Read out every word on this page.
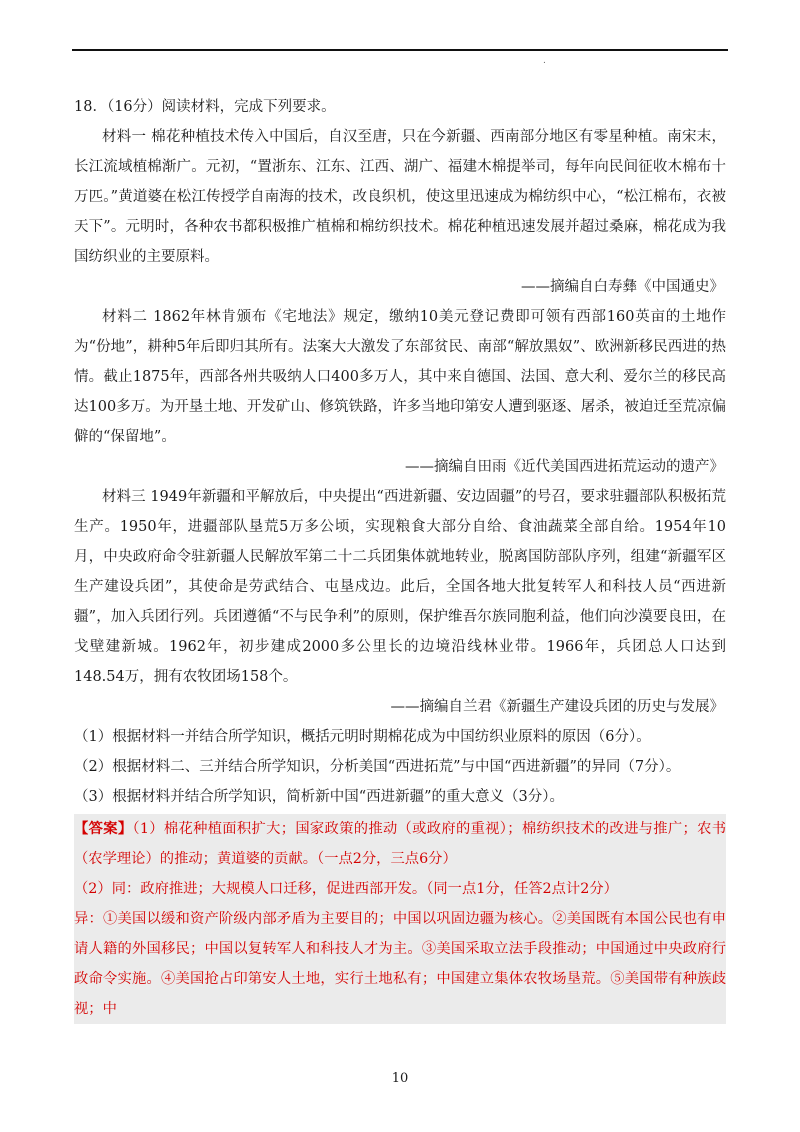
.

18．（16分）阅读材料，完成下列要求。

材料一 棉花种植技术传入中国后，自汉至唐，只在今新疆、西南部分地区有零星种植。南宋末，长江流域植棉渐广。元初，“置浙东、江东、江西、湖广、福建木棉提举司，每年向民间征收木棉布十万匹。”黄道婆在松江传授学自南海的技术，改良织机，使这里迅速成为棉纺织中心，“松江棉布，衣被天下”。元明时，各种农书都积极推广植棉和棉纺织技术。棉花种植迅速发展并超过桑麻，棉花成为我国纺织业的主要原料。

——摘编自白寿彝《中国通史》

材料二 1862年林肯颁布《宅地法》规定，缴纳10美元登记费即可领有西部160英亩的土地作为“份地”，耕种5年后即归其所有。法案大大激发了东部贫民、南部“解放黑奴”、欧洲新移民西进的热情。截止1875年，西部各州共吸纳人口400多万人，其中来自德国、法国、意大利、爱尔兰的移民高达100多万。为开垦土地、开发矿山、修筑铁路，许多当地印第安人遭到驱逐、屠杀，被迫迁至荒凉偏僻的“保留地”。

——摘编自田雨《近代美国西进拓荒运动的遗产》

材料三 1949年新疆和平解放后，中央提出“西进新疆、安边固疆”的号召，要求驻疆部队积极拓荒生产。1950年，进疆部队垦荒5万多公顷，实现粮食大部分自给、食油蔬菜全部自给。1954年10月，中央政府命令驻新疆人民解放军第二十二兵团集体就地转业，脱离国防部队序列，组建“新疆军区生产建设兵团”，其使命是劳武结合、屯垦戍边。此后，全国各地大批复转军人和科技人员“西进新疆”，加入兵团行列。兵团遵循“不与民争利”的原则，保护维吾尔族同胞利益，他们向沙漠要良田，在戈壁建新城。1962年，初步建成2000多公里长的边境沿线林业带。1966年，兵团总人口达到148.54万，拥有农牧团场158个。

——摘编自兰君《新疆生产建设兵团的历史与发展》

（1）根据材料一并结合所学知识，概括元明时期棉花成为中国纺织业原料的原因（6分）。

（2）根据材料二、三并结合所学知识，分析美国“西进拓荒”与中国“西进新疆”的异同（7分）。

（3）根据材料并结合所学知识，简析新中国“西进新疆”的重大意义（3分）。

【答案】（1）棉花种植面积扩大；国家政策的推动（或政府的重视）；棉纺织技术的改进与推广；农书（农学理论）的推动；黄道婆的贡献。（一点2分，三点6分）

（2）同：政府推进；大规模人口迁移，促进西部开发。（同一点1分，任答2点计2分）

异：①美国以缓和资产阶级内部矛盾为主要目的；中国以巩固边疆为核心。②美国既有本国公民也有申请人籍的外国移民；中国以复转军人和科技人才为主。③美国采取立法手段推动；中国通过中央政府行政命令实施。④美国抢占印第安人土地，实行土地私有；中国建立集体农牧场垦荒。⑤美国带有种族歧视；中

10
